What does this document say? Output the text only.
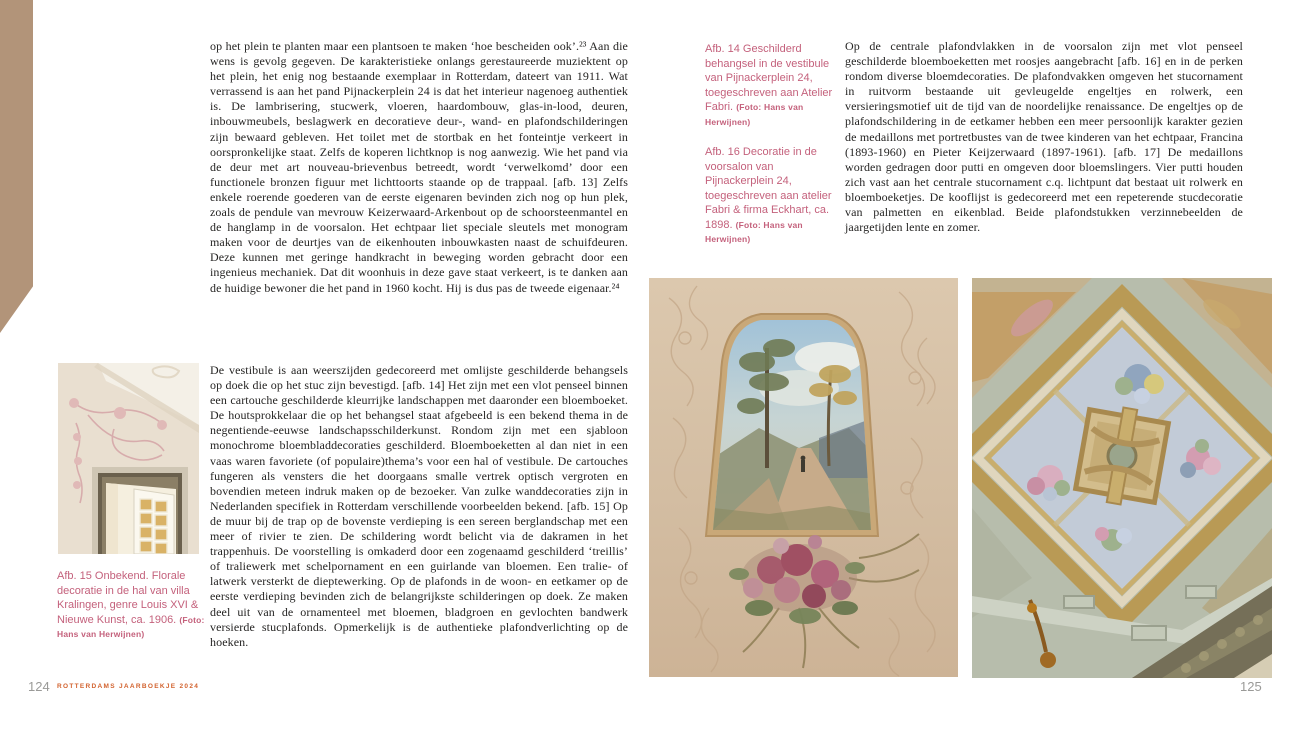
op het plein te planten maar een plantsoen te maken ‘hoe bescheiden ook’.²³ Aan die wens is gevolg gegeven. De karakteristieke onlangs gerestaureerde muziektent op het plein, het enig nog bestaande exemplaar in Rotterdam, dateert van 1911. Wat verrassend is aan het pand Pijnackerplein 24 is dat het interieur nagenoeg authentiek is. De lambrisering, stucwerk, vloeren, haardombouw, glas-in-lood, deuren, inbouwmeubels, beslagwerk en decoratieve deur-, wand- en plafondschilderingen zijn bewaard gebleven. Het toilet met de stortbak en het fonteintje verkeert in oorspronkelijke staat. Zelfs de koperen lichtknop is nog aanwezig. Wie het pand via de deur met art nouveau-brievenbus betreedt, wordt ‘verwelkomd’ door een functionele bronzen figuur met lichttoorts staande op de trappaal. [afb. 13] Zelfs enkele roerende goederen van de eerste eigenaren bevinden zich nog op hun plek, zoals de pendule van mevrouw Keizerwaard-Arkenbout op de schoorsteenmantel en de hanglamp in de voorsalon. Het echtpaar liet speciale sleutels met monogram maken voor de deurtjes van de eikenhouten inbouwkasten naast de schuifdeuren. Deze kunnen met geringe handkracht in beweging worden gebracht door een ingenieus mechaniek. Dat dit woonhuis in deze gave staat verkeert, is te danken aan de huidige bewoner die het pand in 1960 kocht. Hij is dus pas de tweede eigenaar.²⁴
De vestibule is aan weerszijden gedecoreerd met omlijste geschilderde behangsels op doek die op het stuc zijn bevestigd. [afb. 14] Het zijn met een vlot penseel binnen een cartouche geschilderde kleurrijke landschappen met daaronder een bloemboeket. De houtsprokkelaar die op het behangsel staat afgebeeld is een bekend thema in de negentiende-eeuwse landschapsschilderkunst. Rondom zijn met een sjabloon monochrome bloembladdecoraties geschilderd. Bloemboeketten al dan niet in een vaas waren favoriete (of populaire)thema’s voor een hal of vestibule. De cartouches fungeren als vensters die het doorgaans smalle vertrek optisch vergroten en bovendien meteen indruk maken op de bezoeker. Van zulke wanddecoraties zijn in Nederlanden specifiek in Rotterdam verschillende voorbeelden bekend. [afb. 15] Op de muur bij de trap op de bovenste verdieping is een sereen berglandschap met een meer of rivier te zien. De schildering wordt belicht via de dakramen in het trappenhuis. De voorstelling is omkaderd door een zogenaamd geschilderd ‘treillis’ of traliewerk met schelpornament en een guirlande van bloemen. Een tralie- of latwerk versterkt de dieptewerking. Op de plafonds in de woon- en eetkamer op de eerste verdieping bevinden zich de belangrijkste schilderingen op doek. Ze maken deel uit van de ornamenteel met bloemen, bladgroen en gevlochten bandwerk versierde stucplafonds. Opmerkelijk is de authentieke plafondverlichting op de hoeken.
Afb. 15 Onbekend. Florale decoratie in de hal van villa Kralingen, genre Louis XVI & Nieuwe Kunst, ca. 1906. (Foto: Hans van Herwijnen)
124 ROTTERDAMS JAARBOEKJE 2024
Afb. 14 Geschilderd behangsel in de vestibule van Pijnackerplein 24, toegeschreven aan Atelier Fabri. (Foto: Hans van Herwijnen)
Afb. 16 Decoratie in de voorsalon van Pijnackerplein 24, toegeschreven aan atelier Fabri & firma Eckhart, ca. 1898. (Foto: Hans van Herwijnen)
Op de centrale plafondvlakken in de voorsalon zijn met vlot penseel geschilderde bloemboeketten met roosjes aangebracht [afb. 16] en in de perken rondom diverse bloemdecoraties. De plafondvakken omgeven het stucornament in ruitvorm bestaande uit gevleugelde engeltjes en rolwerk, een versieringsmotief uit de tijd van de noordelijke renaissance. De engeltjes op de plafondschildering in de eetkamer hebben een meer persoonlijk karakter gezien de medaillons met portretbustes van de twee kinderen van het echtpaar, Francina (1893-1960) en Pieter Keijzerwaard (1897-1961). [afb. 17] De medaillons worden gedragen door putti en omgeven door bloemslingers. Vier putti houden zich vast aan het centrale stucornament c.q. lichtpunt dat bestaat uit rolwerk en bloemboeketjes. De kooflijst is gedecoreerd met een repeterende stucdecoratie van palmetten en eikenblad. Beide plafondstukken verzinnebeelden de jaargetijden lente en zomer.
125
